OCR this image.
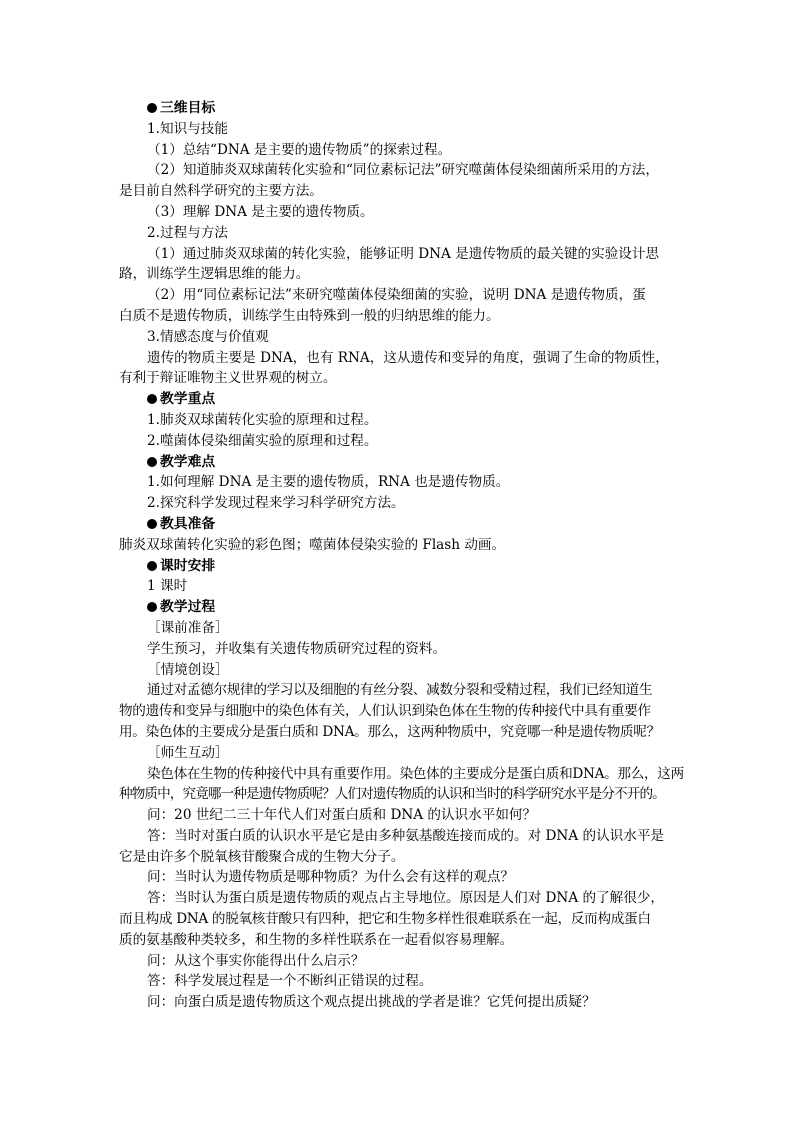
三维目标
1.知识与技能
（1）总结“DNA 是主要的遗传物质”的探索过程。
（2）知道肺炎双球菌转化实验和“同位素标记法”研究噬菌体侵染细菌所采用的方法，
是目前自然科学研究的主要方法。
（3）理解 DNA 是主要的遗传物质。
2.过程与方法
（1）通过肺炎双球菌的转化实验，能够证明 DNA 是遗传物质的最关键的实验设计思
路，训练学生逻辑思维的能力。
（2）用“同位素标记法”来研究噬菌体侵染细菌的实验，说明 DNA 是遗传物质，蛋
白质不是遗传物质，训练学生由特殊到一般的归纳思维的能力。
3.情感态度与价值观
遗传的物质主要是 DNA，也有 RNA，这从遗传和变异的角度，强调了生命的物质性，
有利于辩证唯物主义世界观的树立。
教学重点
1.肺炎双球菌转化实验的原理和过程。
2.噬菌体侵染细菌实验的原理和过程。
教学难点
1.如何理解 DNA 是主要的遗传物质，RNA 也是遗传物质。
2.探究科学发现过程来学习科学研究方法。
教具准备
肺炎双球菌转化实验的彩色图；噬菌体侵染实验的 Flash 动画。
课时安排
1 课时
教学过程
［课前准备］
学生预习，并收集有关遗传物质研究过程的资料。
［情境创设］
通过对孟德尔规律的学习以及细胞的有丝分裂、减数分裂和受精过程，我们已经知道生
物的遗传和变异与细胞中的染色体有关，人们认识到染色体在生物的传种接代中具有重要作
用。染色体的主要成分是蛋白质和 DNA。那么，这两种物质中，究竟哪一种是遗传物质呢？
［师生互动］
染色体在生物的传种接代中具有重要作用。染色体的主要成分是蛋白质和DNA。那么，这两
种物质中，究竟哪一种是遗传物质呢？人们对遗传物质的认识和当时的科学研究水平是分不开的。
问：20 世纪二三十年代人们对蛋白质和 DNA 的认识水平如何？
答：当时对蛋白质的认识水平是它是由多种氨基酸连接而成的。对 DNA 的认识水平是
它是由许多个脱氧核苷酸聚合成的生物大分子。
问：当时认为遗传物质是哪种物质？为什么会有这样的观点？
答：当时认为蛋白质是遗传物质的观点占主导地位。原因是人们对 DNA 的了解很少，
而且构成 DNA 的脱氧核苷酸只有四种，把它和生物多样性很难联系在一起，反而构成蛋白
质的氨基酸种类较多，和生物的多样性联系在一起看似容易理解。
问：从这个事实你能得出什么启示？
答：科学发展过程是一个不断纠正错误的过程。
问：向蛋白质是遗传物质这个观点提出挑战的学者是谁？它凭何提出质疑？
